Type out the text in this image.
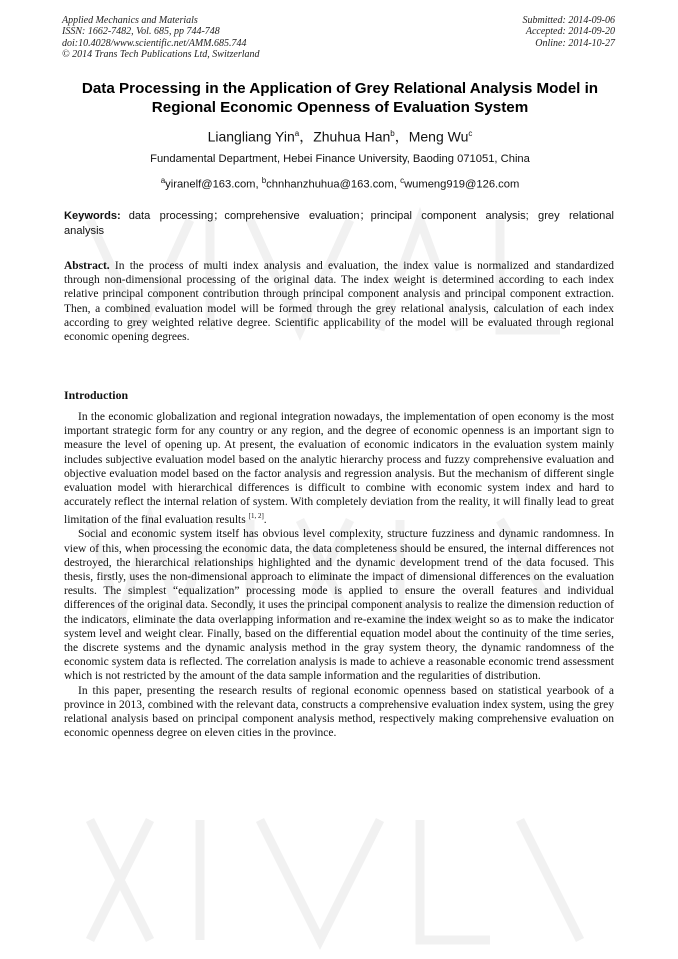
Applied Mechanics and Materials
ISSN: 1662-7482, Vol. 685, pp 744-748
doi:10.4028/www.scientific.net/AMM.685.744
© 2014 Trans Tech Publications Ltd, Switzerland
Submitted: 2014-09-06
Accepted: 2014-09-20
Online: 2014-10-27
Data Processing in the Application of Grey Relational Analysis Model in Regional Economic Openness of Evaluation System
Liangliang Yin$^a$，Zhuhua Han$^b$，Meng Wu$^c$
Fundamental Department, Hebei Finance University, Baoding 071051, China
$^a$yiranelf@163.com, $^b$chnhanzhuhua@163.com, $^c$wumeng919@126.com
Keywords: data processing；comprehensive evaluation；principal component analysis; grey relational analysis
Abstract. In the process of multi index analysis and evaluation, the index value is normalized and standardized through non-dimensional processing of the original data. The index weight is determined according to each index relative principal component contribution through principal component analysis and principal component extraction. Then, a combined evaluation model will be formed through the grey relational analysis, calculation of each index according to grey weighted relative degree. Scientific applicability of the model will be evaluated through regional economic opening degrees.
Introduction

In the economic globalization and regional integration nowadays, the implementation of open economy is the most important strategic form for any country or any region, and the degree of economic openness is an important sign to measure the level of opening up. At present, the evaluation of economic indicators in the evaluation system mainly includes subjective evaluation model based on the analytic hierarchy process and fuzzy comprehensive evaluation and objective evaluation model based on the factor analysis and regression analysis. But the mechanism of different single evaluation model with hierarchical differences is difficult to combine with economic system index and hard to accurately reflect the internal relation of system. With completely deviation from the reality, it will finally lead to great limitation of the final evaluation results [1, 2].

Social and economic system itself has obvious level complexity, structure fuzziness and dynamic randomness. In view of this, when processing the economic data, the data completeness should be ensured, the internal differences not destroyed, the hierarchical relationships highlighted and the dynamic development trend of the data focused. This thesis, firstly, uses the non-dimensional approach to eliminate the impact of dimensional differences on the evaluation results. The simplest “equalization” processing mode is applied to ensure the overall features and individual differences of the original data. Secondly, it uses the principal component analysis to realize the dimension reduction of the indicators, eliminate the data overlapping information and re-examine the index weight so as to make the indicator system level and weight clear. Finally, based on the differential equation model about the continuity of the time series, the discrete systems and the dynamic analysis method in the gray system theory, the dynamic randomness of the economic system data is reflected. The correlation analysis is made to achieve a reasonable economic trend assessment which is not restricted by the amount of the data sample information and the regularities of distribution.

In this paper, presenting the research results of regional economic openness based on statistical yearbook of a province in 2013, combined with the relevant data, constructs a comprehensive evaluation index system, using the grey relational analysis based on principal component analysis method, respectively making comprehensive evaluation on economic openness degree on eleven cities in the province.
